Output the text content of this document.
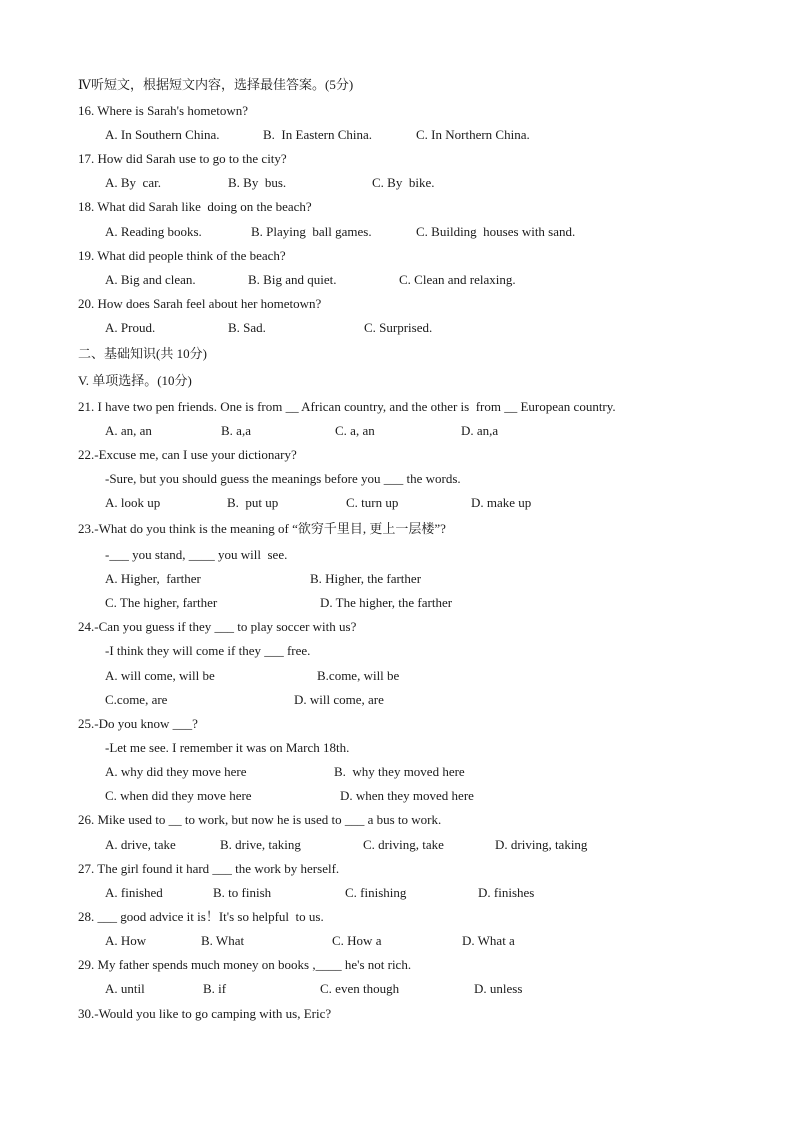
Ⅳ听短文，根据短文内容，选择最佳答案。(5分)
16. Where is Sarah's hometown?
A. In Southern China.	B.  In Eastern China.	C. In Northern China.
17. How did Sarah use to go to the city?
A. By  car.	B. By  bus.	C. By  bike.
18. What did Sarah like  doing on the beach?
A. Reading books.	B. Playing  ball games.	C. Building  houses with sand.
19. What did people think of the beach?
A. Big and clean.	B. Big and quiet.	C. Clean and relaxing.
20. How does Sarah feel about her hometown?
A. Proud.	B. Sad.	C. Surprised.
二、基础知识(共 10分)
V. 单项选择。(10分)
21. I have two pen friends. One is from __ African country, and the other is  from __ European country.
A. an, an	B. a,a	C. a, an	D. an,a
22.-Excuse me, can I use your dictionary?
-Sure, but you should guess the meanings before you ___ the words.
A. look up	B.  put up	C. turn up	D. make up
23.-What do you think is the meaning of “欲穷千里目, 更上一层楼”?
-___ you stand, ____ you will  see.
A. Higher,  farther	B. Higher, the farther
C. The higher, farther	D. The higher, the farther
24.-Can you guess if they ___ to play soccer with us?
-I think they will come if they ___ free.
A. will come, will be	B.come, will be
C.come, are	D. will come, are
25.-Do you know ___?
-Let me see. I remember it was on March 18th.
A. why did they move here	B.  why they moved here
C. when did they move here	D. when they moved here
26. Mike used to __ to work, but now he is used to ___ a bus to work.
A. drive, take	B. drive, taking	C. driving, take	D. driving, taking
27. The girl found it hard ___ the work by herself.
A. finished	B. to finish	C. finishing	D. finishes
28. ___ good advice it is！It's so helpful  to us.
A. How	B. What	C. How a	D. What a
29. My father spends much money on books ,____ he's not rich.
A. until	B. if	C. even though	D. unless
30.-Would you like to go camping with us, Eric?
